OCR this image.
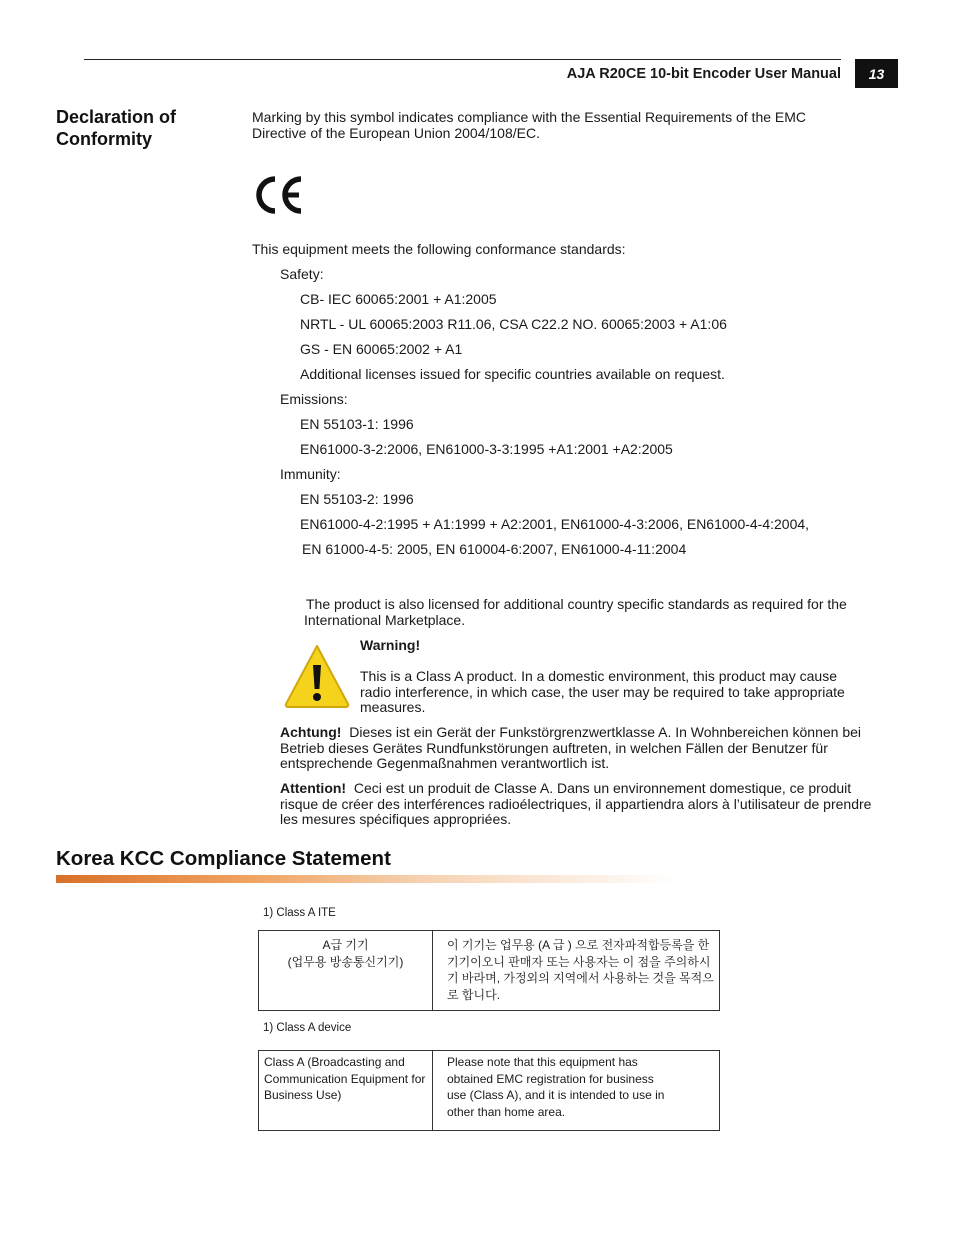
AJA R20CE 10-bit Encoder User Manual	13
Declaration of
Conformity
Marking by this symbol indicates compliance with the Essential Requirements of the EMC Directive of the European Union 2004/108/EC.
This equipment meets the following conformance standards:
Safety:
CB- IEC 60065:2001 + A1:2005
NRTL - UL 60065:2003 R11.06, CSA C22.2 NO. 60065:2003 + A1:06
GS - EN 60065:2002 + A1
Additional licenses issued for specific countries available on request.
Emissions:
EN 55103-1: 1996
EN61000-3-2:2006, EN61000-3-3:1995 +A1:2001 +A2:2005
Immunity:
EN 55103-2: 1996
EN61000-4-2:1995 + A1:1999 + A2:2001, EN61000-4-3:2006, EN61000-4-4:2004,
EN 61000-4-5: 2005, EN 610004-6:2007, EN61000-4-11:2004
The product is also licensed for additional country specific standards as required for the International Marketplace.
Warning!
This is a Class A product. In a domestic environment, this product may cause radio interference, in which case, the user may be required to take appropriate measures.
Achtung! Dieses ist ein Gerät der Funkstörgrenzwertklasse A. In Wohnbereichen können bei Betrieb dieses Gerätes Rundfunkstörungen auftreten, in welchen Fällen der Benutzer für entsprechende Gegenmaßnahmen verantwortlich ist.
Attention! Ceci est un produit de Classe A. Dans un environnement domestique, ce produit risque de créer des interférences radioélectriques, il appartiendra alors à l’utilisateur de prendre les mesures spécifiques appropriées.
Korea KCC Compliance Statement
1) Class A ITE
A급 기기
(업무용 방송통신기기)
이 기기는 업무용 (A 급 ) 으로 전자파적합등록을 한 기기이오니 판매자 또는 사용자는 이 점을 주의하시기 바라며, 가정외의 지역에서 사용하는 것을 목적으로 합니다.
1) Class A device
Class A (Broadcasting and Communication Equipment for Business Use)
Please note that this equipment has obtained EMC registration for business use (Class A), and it is intended to use in other than home area.
